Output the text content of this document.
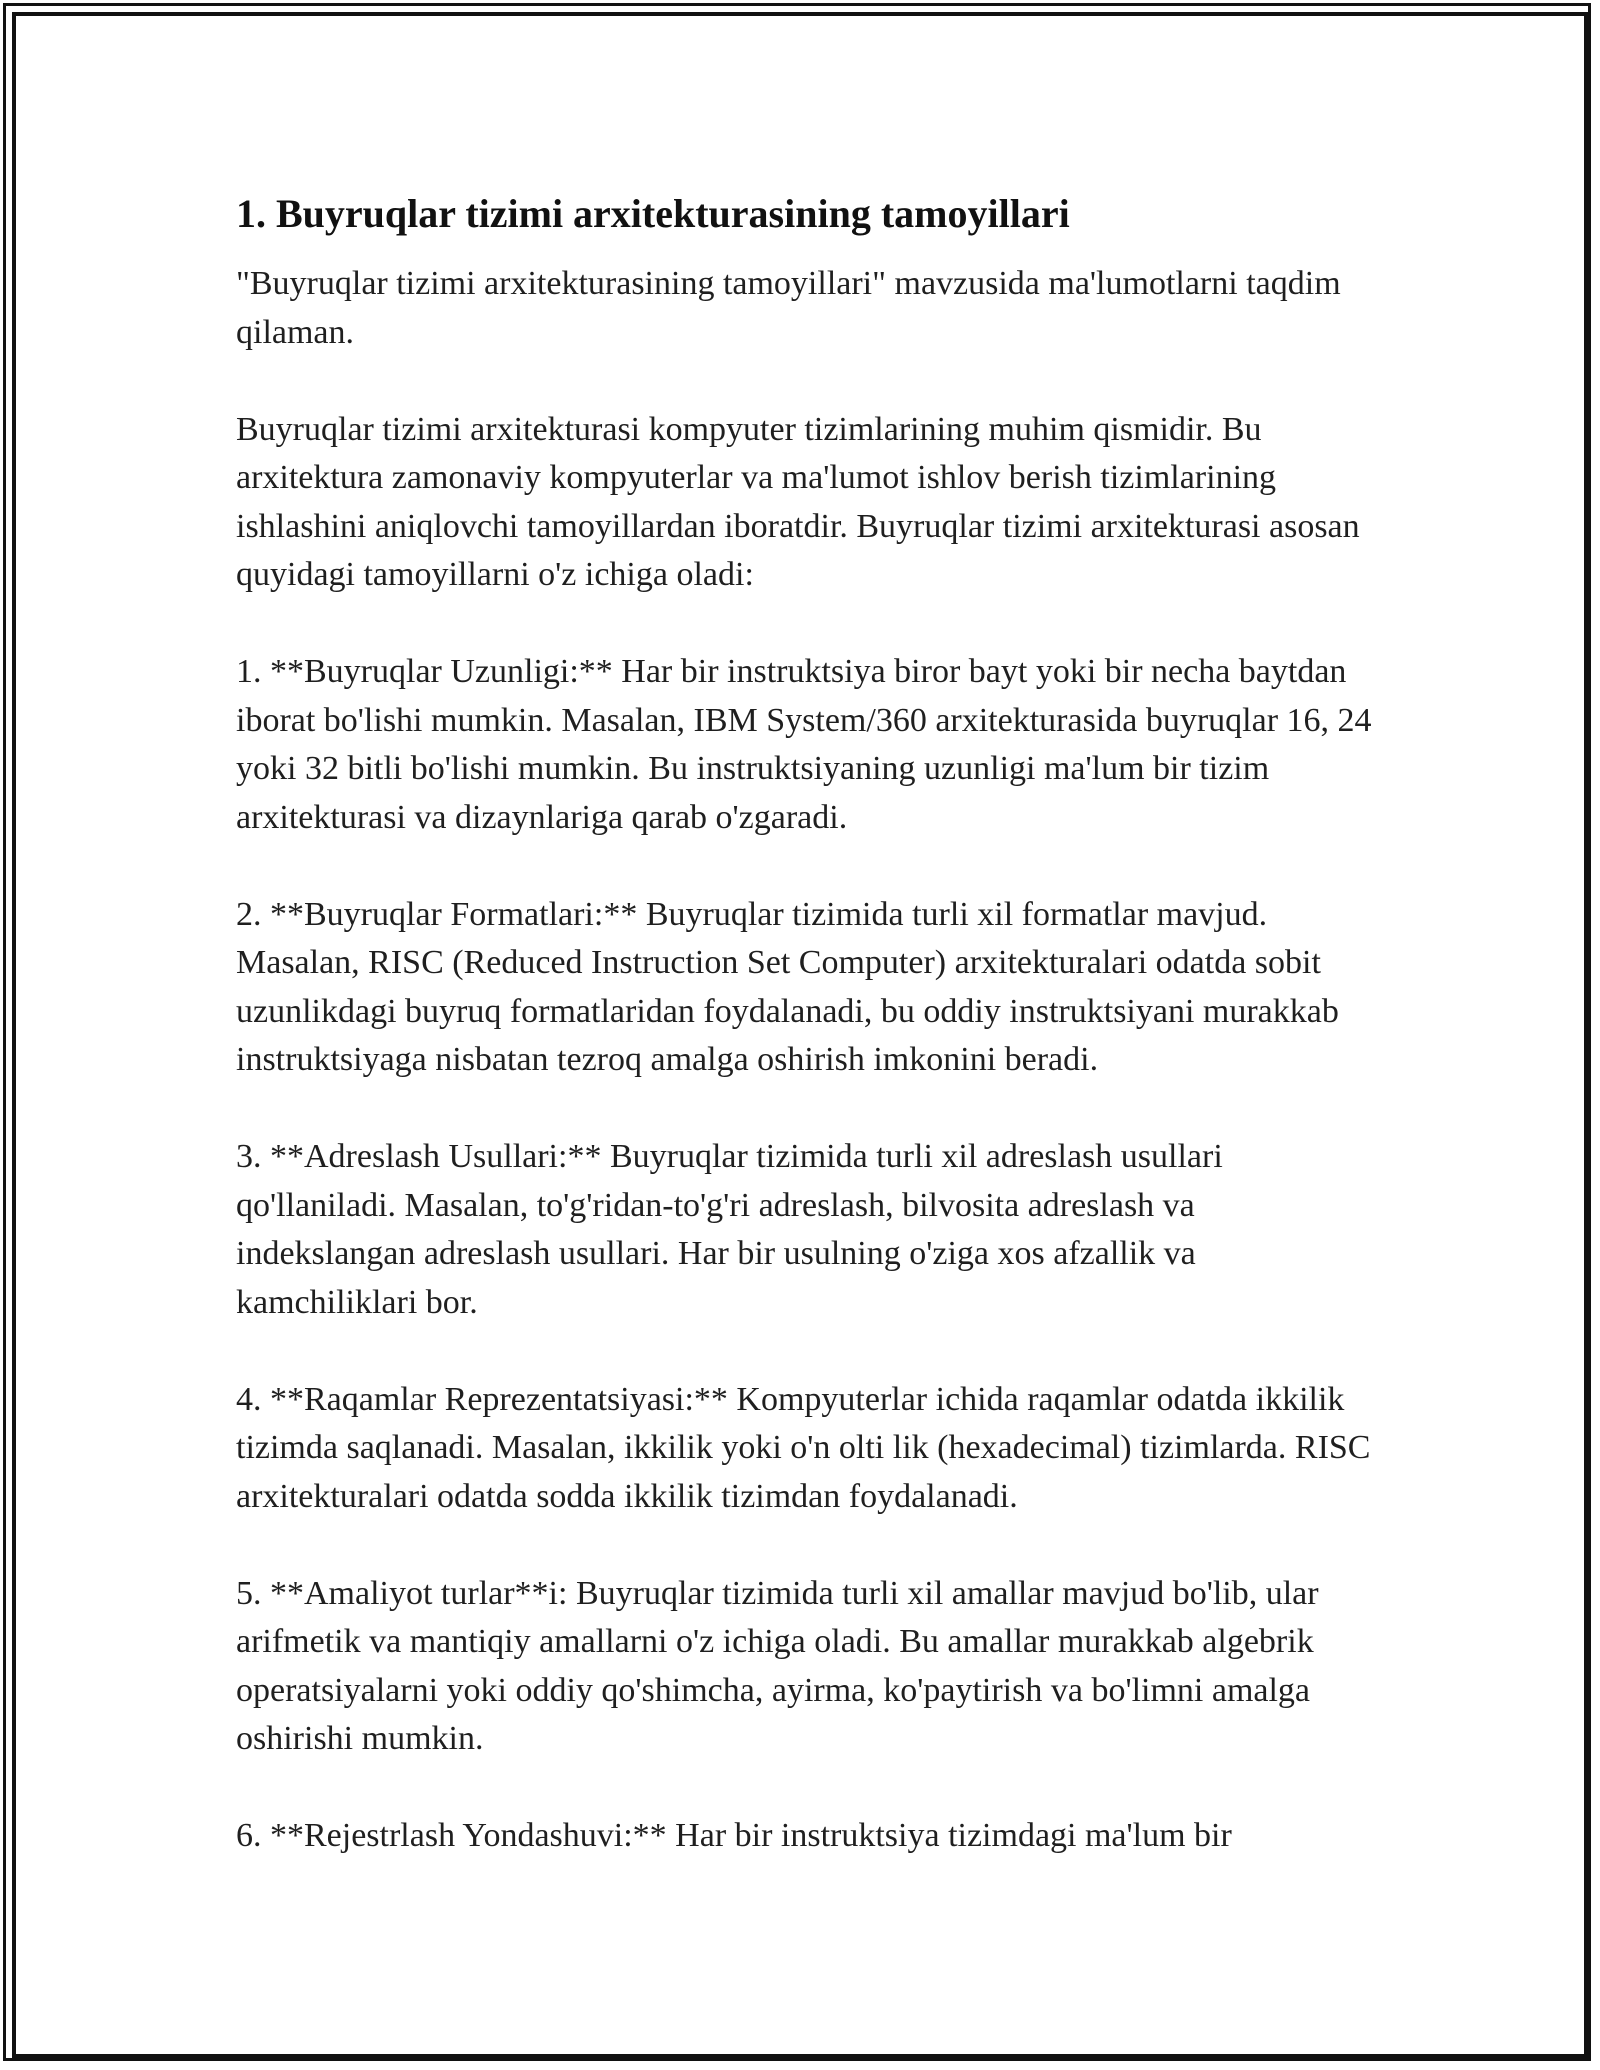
1. Buyruqlar tizimi arxitekturasining tamoyillari

"Buyruqlar tizimi arxitekturasining tamoyillari" mavzusida ma'lumotlarni taqdim qilaman.

Buyruqlar tizimi arxitekturasi kompyuter tizimlarining muhim qismidir. Bu arxitektura zamonaviy kompyuterlar va ma'lumot ishlov berish tizimlarining ishlashini aniqlovchi tamoyillardan iboratdir. Buyruqlar tizimi arxitekturasi asosan quyidagi tamoyillarni o'z ichiga oladi:

1. **Buyruqlar Uzunligi:** Har bir instruktsiya biror bayt yoki bir necha baytdan iborat bo'lishi mumkin. Masalan, IBM System/360 arxitekturasida buyruqlar 16, 24 yoki 32 bitli bo'lishi mumkin. Bu instruktsiyaning uzunligi ma'lum bir tizim arxitekturasi va dizaynlariga qarab o'zgaradi.

2. **Buyruqlar Formatlari:** Buyruqlar tizimida turli xil formatlar mavjud. Masalan, RISC (Reduced Instruction Set Computer) arxitekturalari odatda sobit uzunlikdagi buyruq formatlaridan foydalanadi, bu oddiy instruktsiyani murakkab instruktsiyaga nisbatan tezroq amalga oshirish imkonini beradi.

3. **Adreslash Usullari:** Buyruqlar tizimida turli xil adreslash usullari qo'llaniladi. Masalan, to'g'ridan-to'g'ri adreslash, bilvosita adreslash va indekslangan adreslash usullari. Har bir usulning o'ziga xos afzallik va kamchiliklari bor.

4. **Raqamlar Reprezentatsiyasi:** Kompyuterlar ichida raqamlar odatda ikkilik tizimda saqlanadi. Masalan, ikkilik yoki o'n olti lik (hexadecimal) tizimlarda. RISC arxitekturalari odatda sodda ikkilik tizimdan foydalanadi.

5. **Amaliyot turlar**i: Buyruqlar tizimida turli xil amallar mavjud bo'lib, ular arifmetik va mantiqiy amallarni o'z ichiga oladi. Bu amallar murakkab algebrik operatsiyalarni yoki oddiy qo'shimcha, ayirma, ko'paytirish va bo'limni amalga oshirishi mumkin.

6. **Rejestrlash Yondashuvi:** Har bir instruktsiya tizimdagi ma'lum bir
